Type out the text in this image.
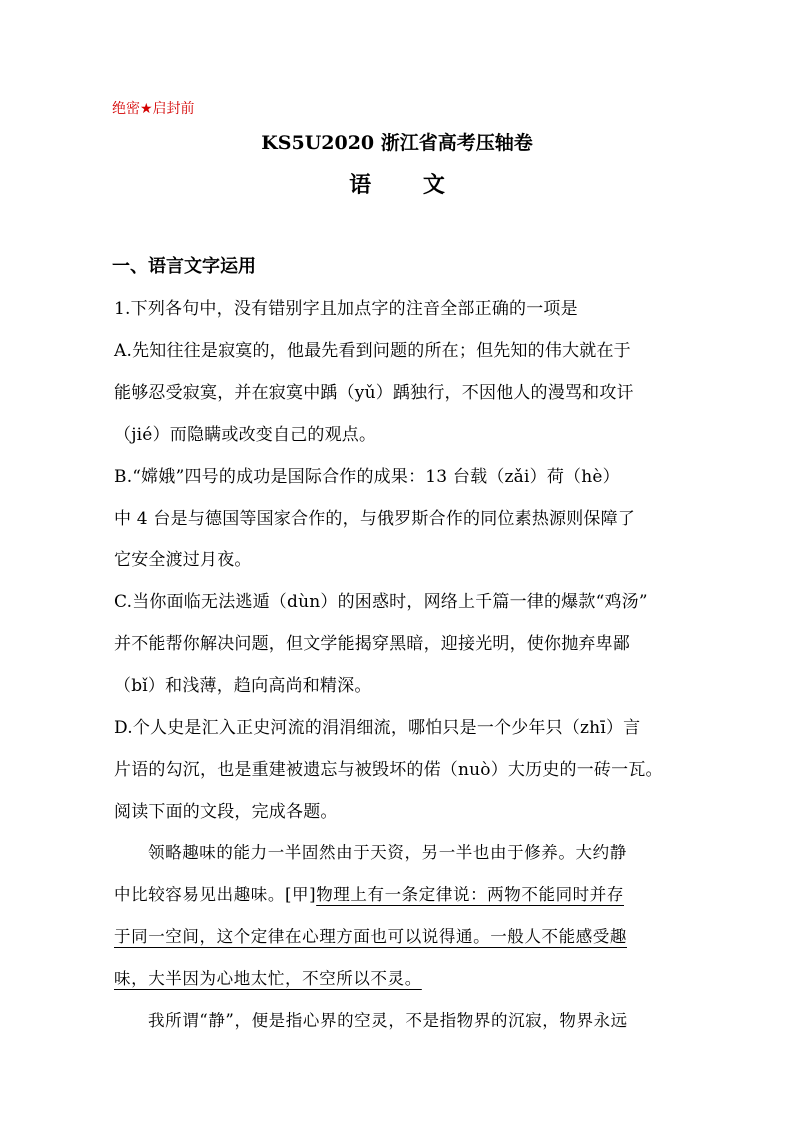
绝密★启封前
KS5U2020 浙江省高考压轴卷
语 文
一、语言文字运用
1.下列各句中，没有错别字且加点字的注音全部正确的一项是
A.先知往往是寂寞的，他最先看到问题的所在；但先知的伟大就在于
能够忍受寂寞，并在寂寞中踽（yǔ）踽独行，不因他人的漫骂和攻讦
（jié）而隐瞒或改变自己的观点。
B.“嫦娥”四号的成功是国际合作的成果：13 台载（zǎi）荷（hè）
中 4 台是与德国等国家合作的，与俄罗斯合作的同位素热源则保障了
它安全渡过月夜。
C.当你面临无法逃遁（dùn）的困惑时，网络上千篇一律的爆款“鸡汤”
并不能帮你解决问题，但文学能揭穿黑暗，迎接光明，使你抛弃卑鄙
（bǐ）和浅薄，趋向高尚和精深。
D.个人史是汇入正史河流的涓涓细流，哪怕只是一个少年只（zhī）言
片语的勾沉，也是重建被遗忘与被毁坏的偌（nuò）大历史的一砖一瓦。
阅读下面的文段，完成各题。
领略趣味的能力一半固然由于天资，另一半也由于修养。大约静
中比较容易见出趣味。[甲]物理上有一条定律说：两物不能同时并存
于同一空间，这个定律在心理方面也可以说得通。一般人不能感受趣
味，大半因为心地太忙，不空所以不灵。
我所谓“静”，便是指心界的空灵，不是指物界的沉寂，物界永远
